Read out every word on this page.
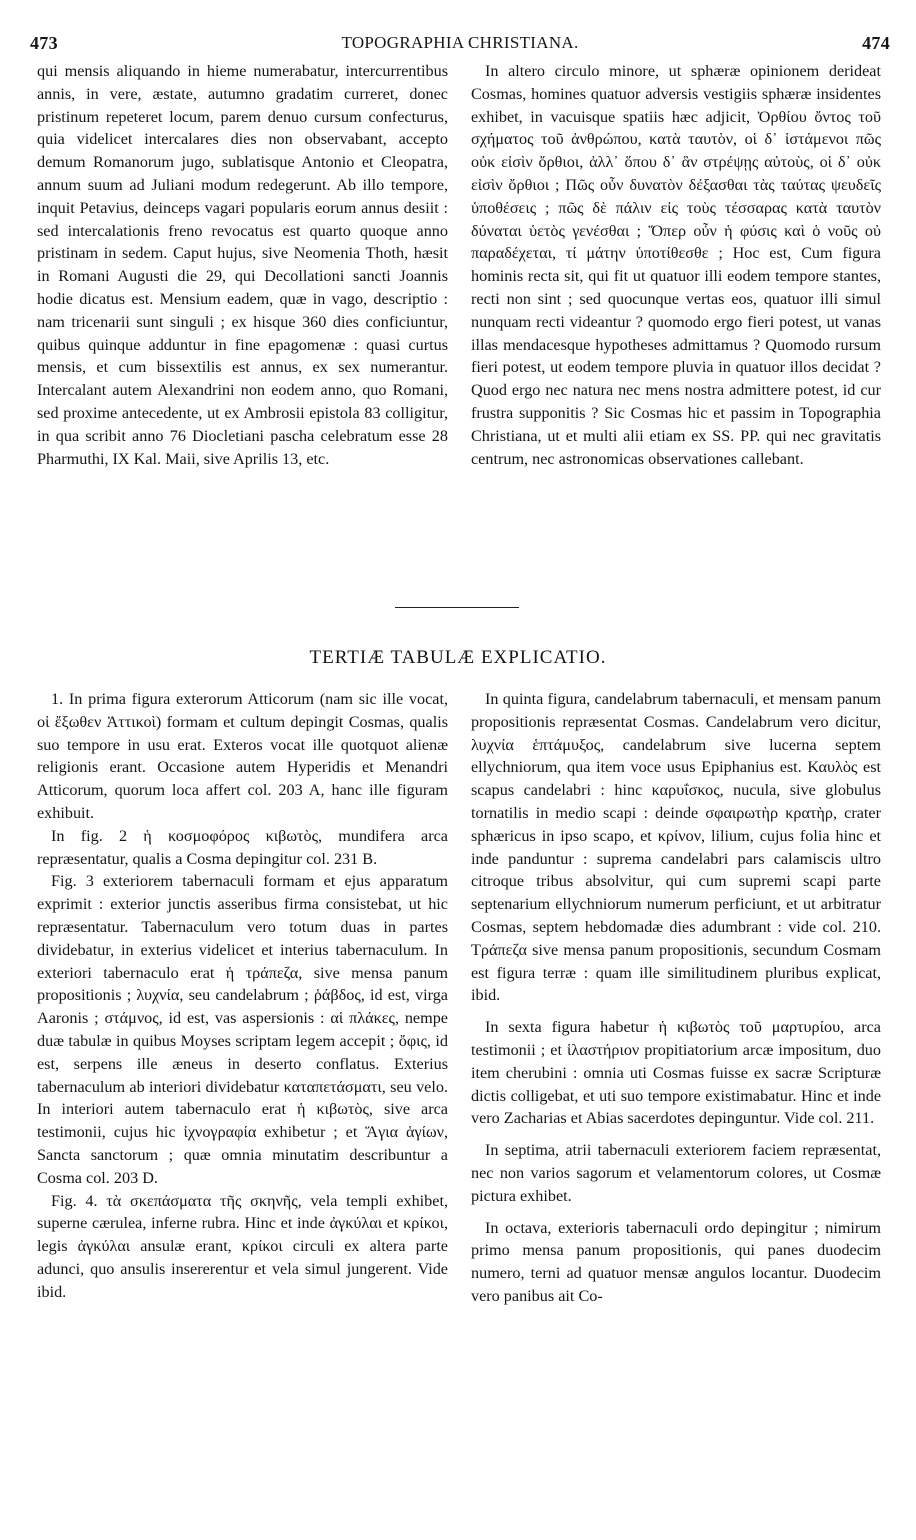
473	TOPOGRAPHIA CHRISTIANA.	474

qui mensis aliquando in hieme numerabatur, intercurrentibus annis, in vere, æstate, autumno gradatim curreret, donec pristinum repeteret locum, parem denuo cursum confecturus, quia videlicet intercalares dies non observabant, accepto demum Romanorum jugo, sublatisque Antonio et Cleopatra, annum suum ad Juliani modum redegerunt. Ab illo tempore, inquit Petavius, deinceps vagari popularis eorum annus desiit : sed intercalationis freno revocatus est quarto quoque anno pristinam in sedem. Caput hujus, sive Neomenia Thoth, hæsit in Romani Augusti die 29, qui Decollationi sancti Joannis hodie dicatus est. Mensium eadem, quæ in vago, descriptio : nam tricenarii sunt singuli ; ex hisque 360 dies conficiuntur, quibus quinque adduntur in fine epagomenæ : quasi curtus mensis, et cum bissextilis est annus, ex sex numerantur. Intercalant autem Alexandrini non eodem anno, quo Romani, sed proxime antecedente, ut ex Ambrosii epistola 83 colligitur, in qua scribit anno 76 Diocletiani pascha celebratum esse 28 Pharmuthi, IX Kal. Maii, sive Aprilis 13, etc.

In altero circulo minore, ut sphæræ opinionem derideat Cosmas, homines quatuor adversis vestigiis sphæræ insidentes exhibet, in vacuisque spatiis hæc adjicit, Ὀρθίου ὄντος τοῦ σχήματος τοῦ ἀνθρώπου, κατὰ ταυτὸν, οἱ δ᾽ ἱστάμενοι πῶς οὐκ εἰσὶν ὄρθιοι, ἀλλ᾽ ὅπου δ᾽ ἂν στρέψῃς αὐτοὺς, οἱ δ᾽ οὐκ εἰσὶν ὄρθιοι ; Πῶς οὖν δυνατὸν δέξασθαι τὰς ταύτας ψευδεῖς ὑποθέσεις ; πῶς δὲ πάλιν εἰς τοὺς τέσσαρας κατὰ ταυτὸν δύναται ὑετὸς γενέσθαι ; Ὅπερ οὖν ἡ φύσις καὶ ὁ νοῦς οὐ παραδέχεται, τί μάτην ὑποτίθεσθε ; Hoc est, Cum figura hominis recta sit, qui fit ut quatuor illi eodem tempore stantes, recti non sint ; sed quocunque vertas eos, quatuor illi simul nunquam recti videantur ? quomodo ergo fieri potest, ut vanas illas mendacesque hypotheses admittamus ? Quomodo rursum fieri potest, ut eodem tempore pluvia in quatuor illos decidat ? Quod ergo nec natura nec mens nostra admittere potest, id cur frustra supponitis ? Sic Cosmas hic et passim in Topographia Christiana, ut et multi alii etiam ex SS. PP. qui nec gravitatis centrum, nec astronomicas observationes callebant.

TERTIÆ TABULÆ EXPLICATIO.

1. In prima figura exterorum Atticorum (nam sic ille vocat, οἱ ἔξωθεν Ἀττικοὶ) formam et cultum depingit Cosmas, qualis suo tempore in usu erat. Exteros vocat ille quotquot alienæ religionis erant. Occasione autem Hyperidis et Menandri Atticorum, quorum loca affert col. 203 A, hanc ille figuram exhibuit.

In fig. 2 ἡ κοσμοφόρος κιβωτὸς, mundifera arca repræsentatur, qualis a Cosma depingitur col. 231 B.

Fig. 3 exteriorem tabernaculi formam et ejus apparatum exprimit : exterior junctis asseribus firma consistebat, ut hic repræsentatur. Tabernaculum vero totum duas in partes dividebatur, in exterius videlicet et interius tabernaculum. In exteriori tabernaculo erat ἡ τράπεζα, sive mensa panum propositionis ; λυχνία, seu candelabrum ; ῥάβδος, id est, virga Aaronis ; στάμνος, id est, vas aspersionis : αἱ πλάκες, nempe duæ tabulæ in quibus Moyses scriptam legem accepit ; ὄφις, id est, serpens ille æneus in deserto conflatus. Exterius tabernaculum ab interiori dividebatur καταπετάσματι, seu velo. In interiori autem tabernaculo erat ἡ κιβωτὸς, sive arca testimonii, cujus hic ἰχνογραφία exhibetur ; et Ἅγια ἁγίων, Sancta sanctorum ; quæ omnia minutatim describuntur a Cosma col. 203 D.

Fig. 4. τὰ σκεπάσματα τῆς σκηνῆς, vela templi exhibet, superne cærulea, inferne rubra. Hinc et inde ἀγκύλαι et κρίκοι, legis ἀγκύλαι ansulæ erant, κρίκοι circuli ex altera parte adunci, quo ansulis insererentur et vela simul jungerent. Vide ibid.

In quinta figura, candelabrum tabernaculi, et mensam panum propositionis repræsentat Cosmas. Candelabrum vero dicitur, λυχνία ἑπτάμυξος, candelabrum sive lucerna septem ellychniorum, qua item voce usus Epiphanius est. Καυλὸς est scapus candelabri : hinc καρυΐσκος, nucula, sive globulus tornatilis in medio scapi : deinde σφαιρωτὴρ κρατὴρ, crater sphæricus in ipso scapo, et κρίνον, lilium, cujus folia hinc et inde panduntur : suprema candelabri pars calamiscis ultro citroque tribus absolvitur, qui cum supremi scapi parte septenarium ellychniorum numerum perficiunt, et ut arbitratur Cosmas, septem hebdomadæ dies adumbrant : vide col. 210. Τράπεζα sive mensa panum propositionis, secundum Cosmam est figura terræ : quam ille similitudinem pluribus explicat, ibid.

In sexta figura habetur ἡ κιβωτὸς τοῦ μαρτυρίου, arca testimonii ; et ἱλαστήριον propitiatorium arcæ impositum, duo item cherubini : omnia uti Cosmas fuisse ex sacræ Scripturæ dictis colligebat, et uti suo tempore existimabatur. Hinc et inde vero Zacharias et Abias sacerdotes depinguntur. Vide col. 211.

In septima, atrii tabernaculi exteriorem faciem repræsentat, nec non varios sagorum et velamentorum colores, ut Cosmæ pictura exhibet.

In octava, exterioris tabernaculi ordo depingitur ; nimirum primo mensa panum propositionis, qui panes duodecim numero, terni ad quatuor mensæ angulos locantur. Duodecim vero panibus ait Co-
